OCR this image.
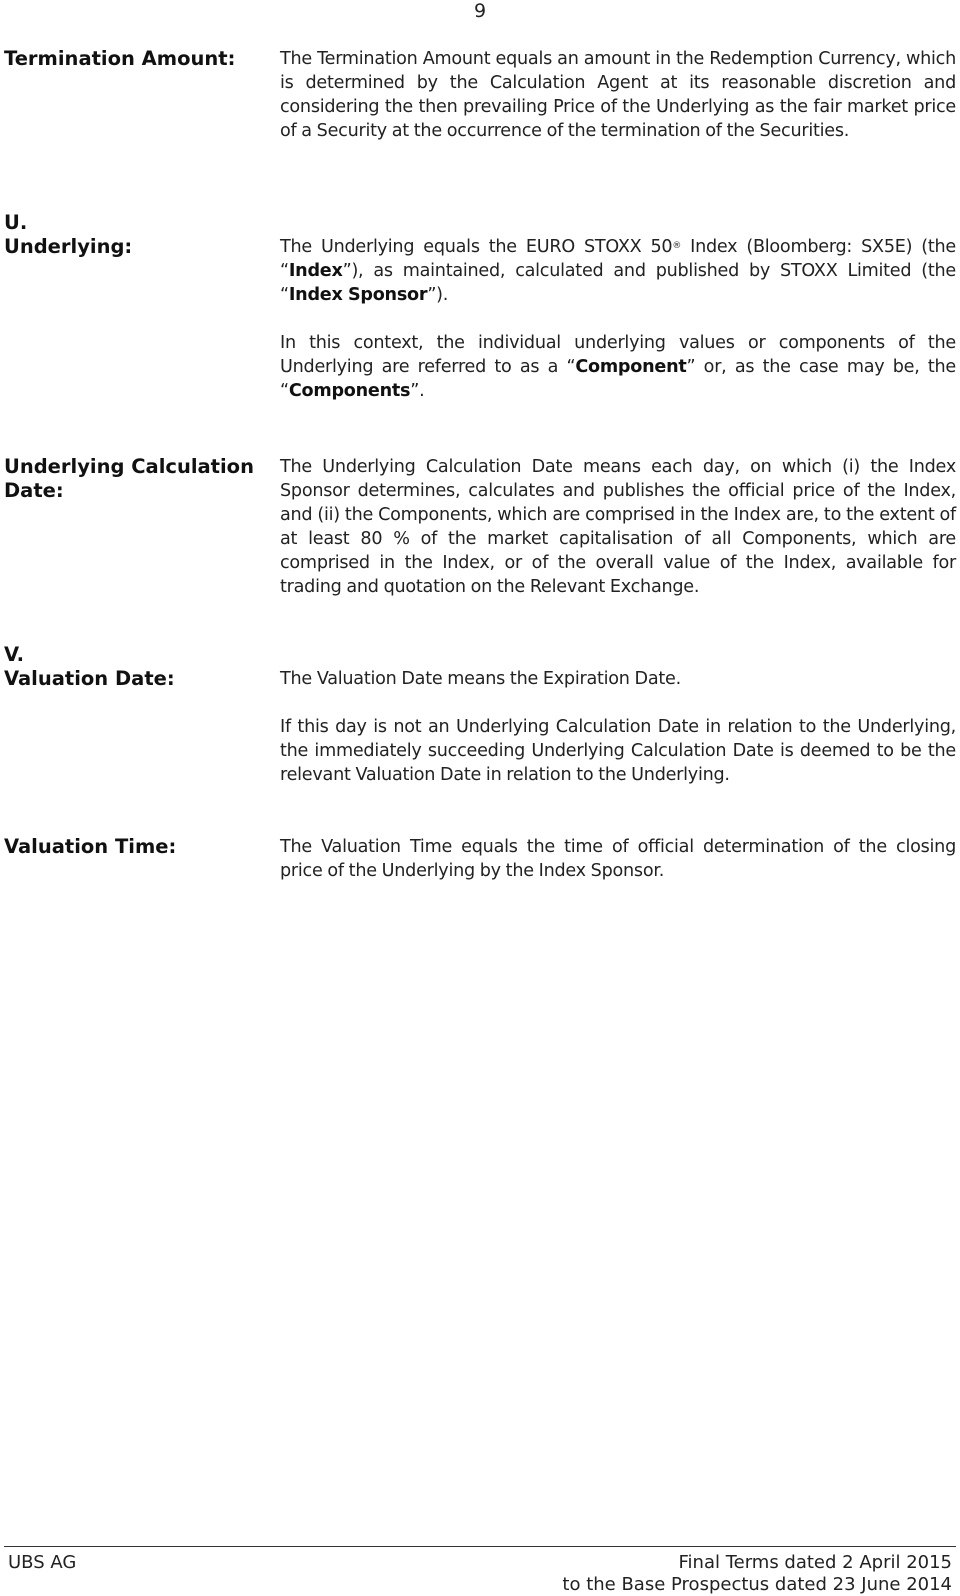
9
Termination Amount:	The Termination Amount equals an amount in the Redemption Currency, which is determined by the Calculation Agent at its reasonable discretion and considering the then prevailing Price of the Underlying as the fair market price of a Security at the occurrence of the termination of the Securities.

U.
Underlying:	The Underlying equals the EURO STOXX 50® Index (Bloomberg: SX5E) (the “Index”), as maintained, calculated and published by STOXX Limited (the “Index Sponsor”).

In this context, the individual underlying values or components of the Underlying are referred to as a “Component” or, as the case may be, the “Components”.

Underlying Calculation Date:

The Underlying Calculation Date means each day, on which (i) the Index Sponsor determines, calculates and publishes the official price of the Index, and (ii) the Components, which are comprised in the Index are, to the extent of at least 80 % of the market capitalisation of all Components, which are comprised in the Index, or of the overall value of the Index, available for trading and quotation on the Relevant Exchange.

V.
Valuation Date:	The Valuation Date means the Expiration Date.

If this day is not an Underlying Calculation Date in relation to the Underlying, the immediately succeeding Underlying Calculation Date is deemed to be the relevant Valuation Date in relation to the Underlying.

Valuation Time:	The Valuation Time equals the time of official determination of the closing price of the Underlying by the Index Sponsor.

UBS AG	Final Terms dated 2 April 2015
to the Base Prospectus dated 23 June 2014
